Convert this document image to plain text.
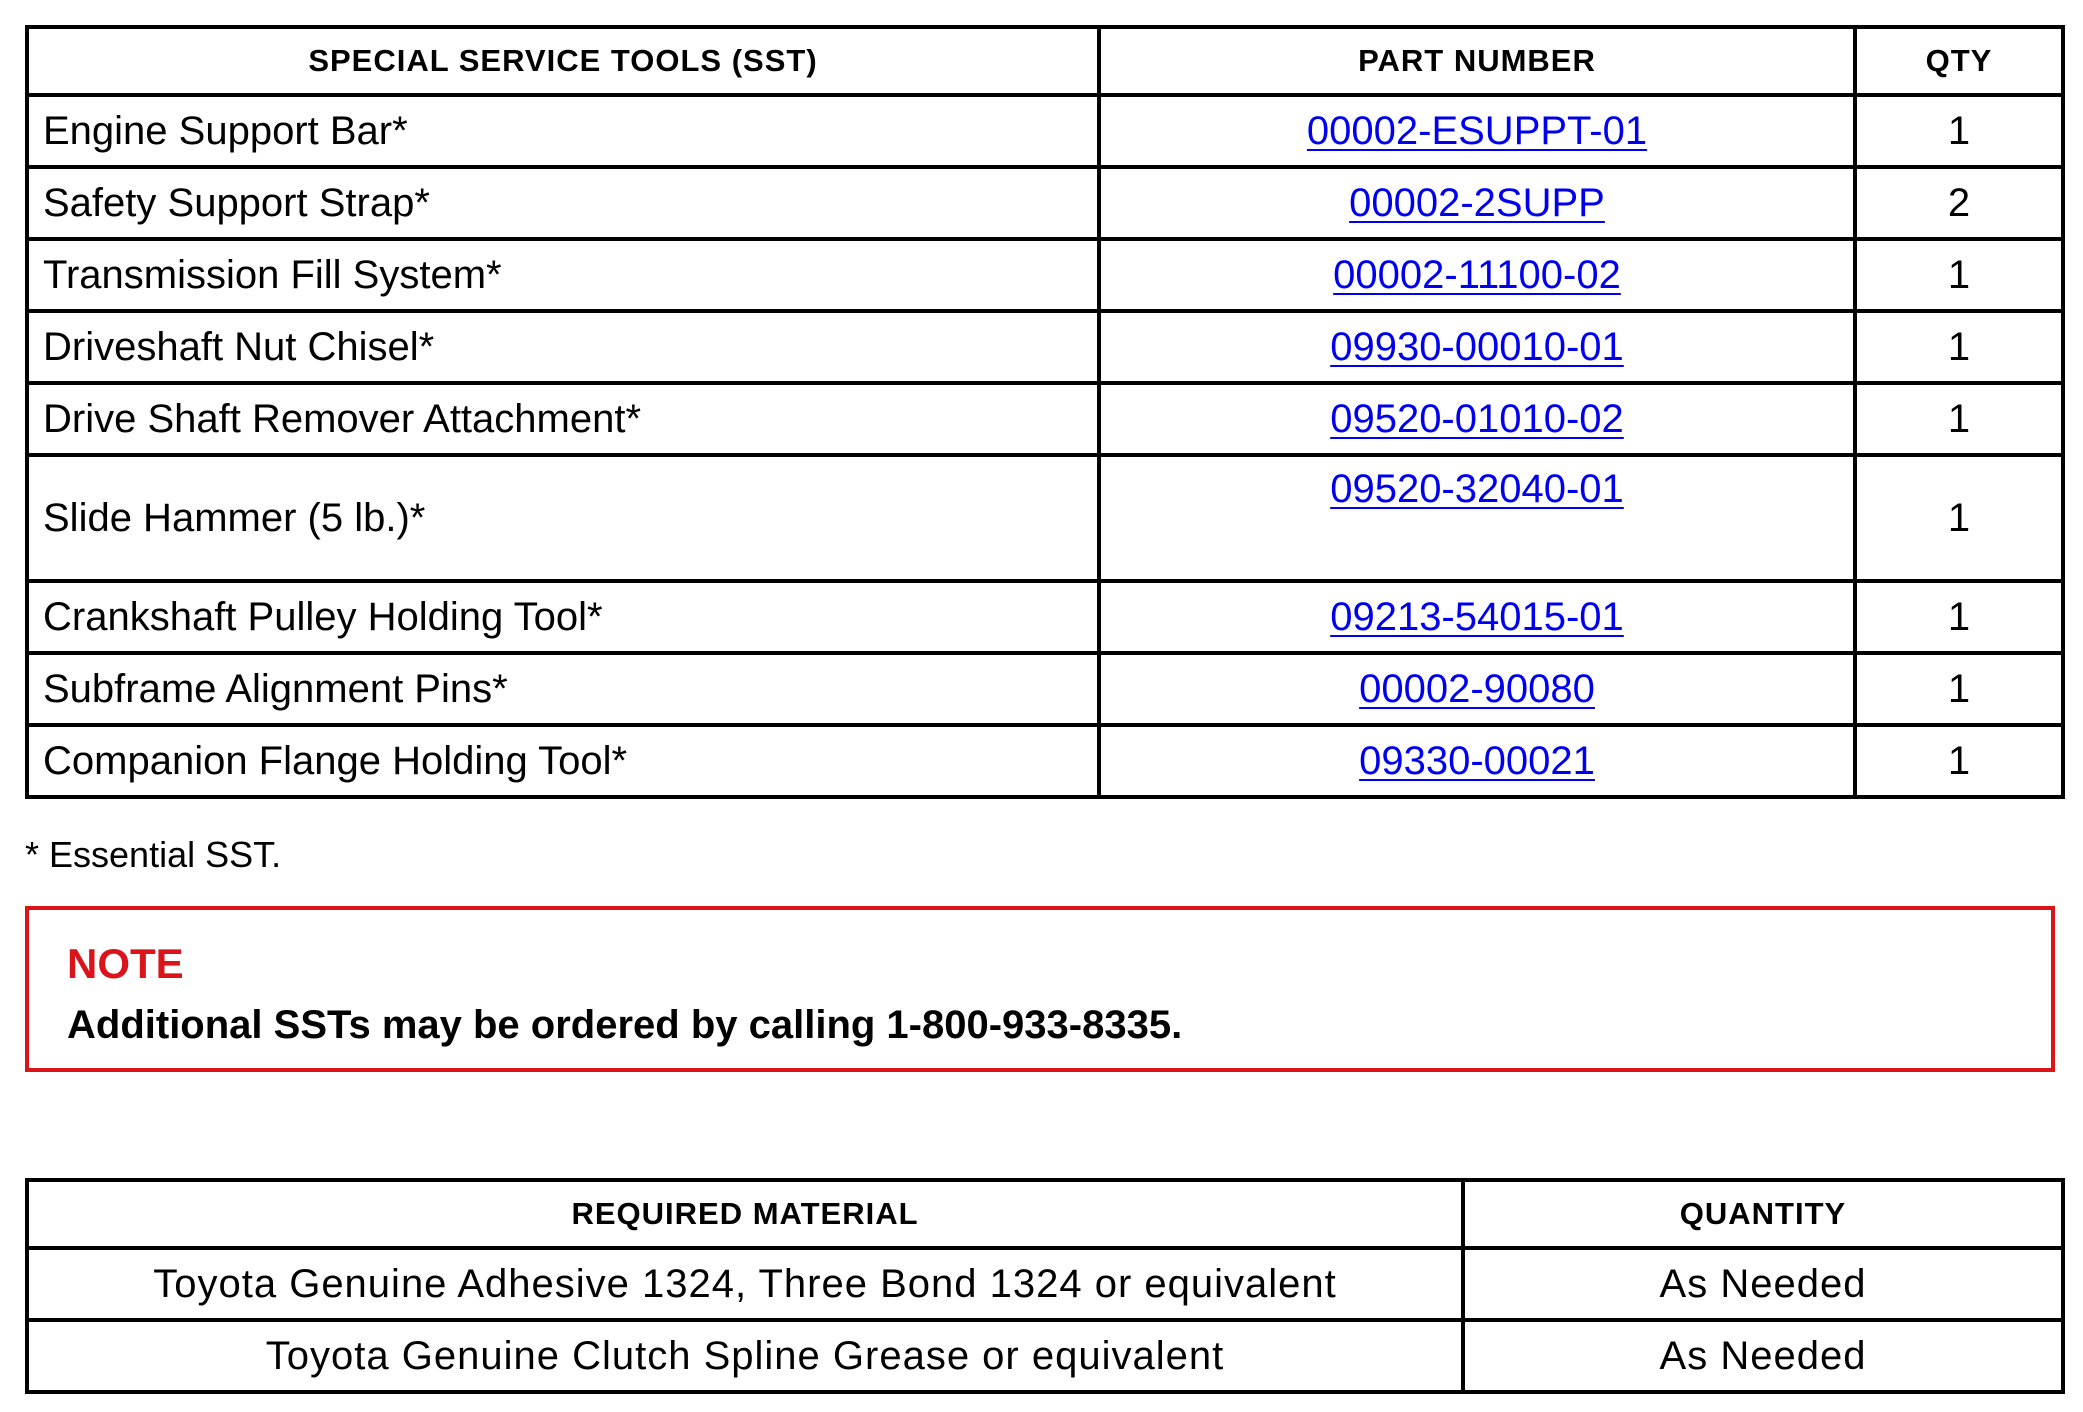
SPECIAL SERVICE TOOLS (SST)	PART NUMBER	QTY
Engine Support Bar*	00002-ESUPPT-01	1
Safety Support Strap*	00002-2SUPP	2
Transmission Fill System*	00002-11100-02	1
Driveshaft Nut Chisel*	09930-00010-01	1
Drive Shaft Remover Attachment*	09520-01010-02	1
Slide Hammer (5 lb.)*	09520-32040-01	1
Crankshaft Pulley Holding Tool*	09213-54015-01	1
Subframe Alignment Pins*	00002-90080	1
Companion Flange Holding Tool*	09330-00021	1
* Essential SST.
NOTE
Additional SSTs may be ordered by calling 1-800-933-8335.
REQUIRED MATERIAL	QUANTITY
Toyota Genuine Adhesive 1324, Three Bond 1324 or equivalent	As Needed
Toyota Genuine Clutch Spline Grease or equivalent	As Needed
